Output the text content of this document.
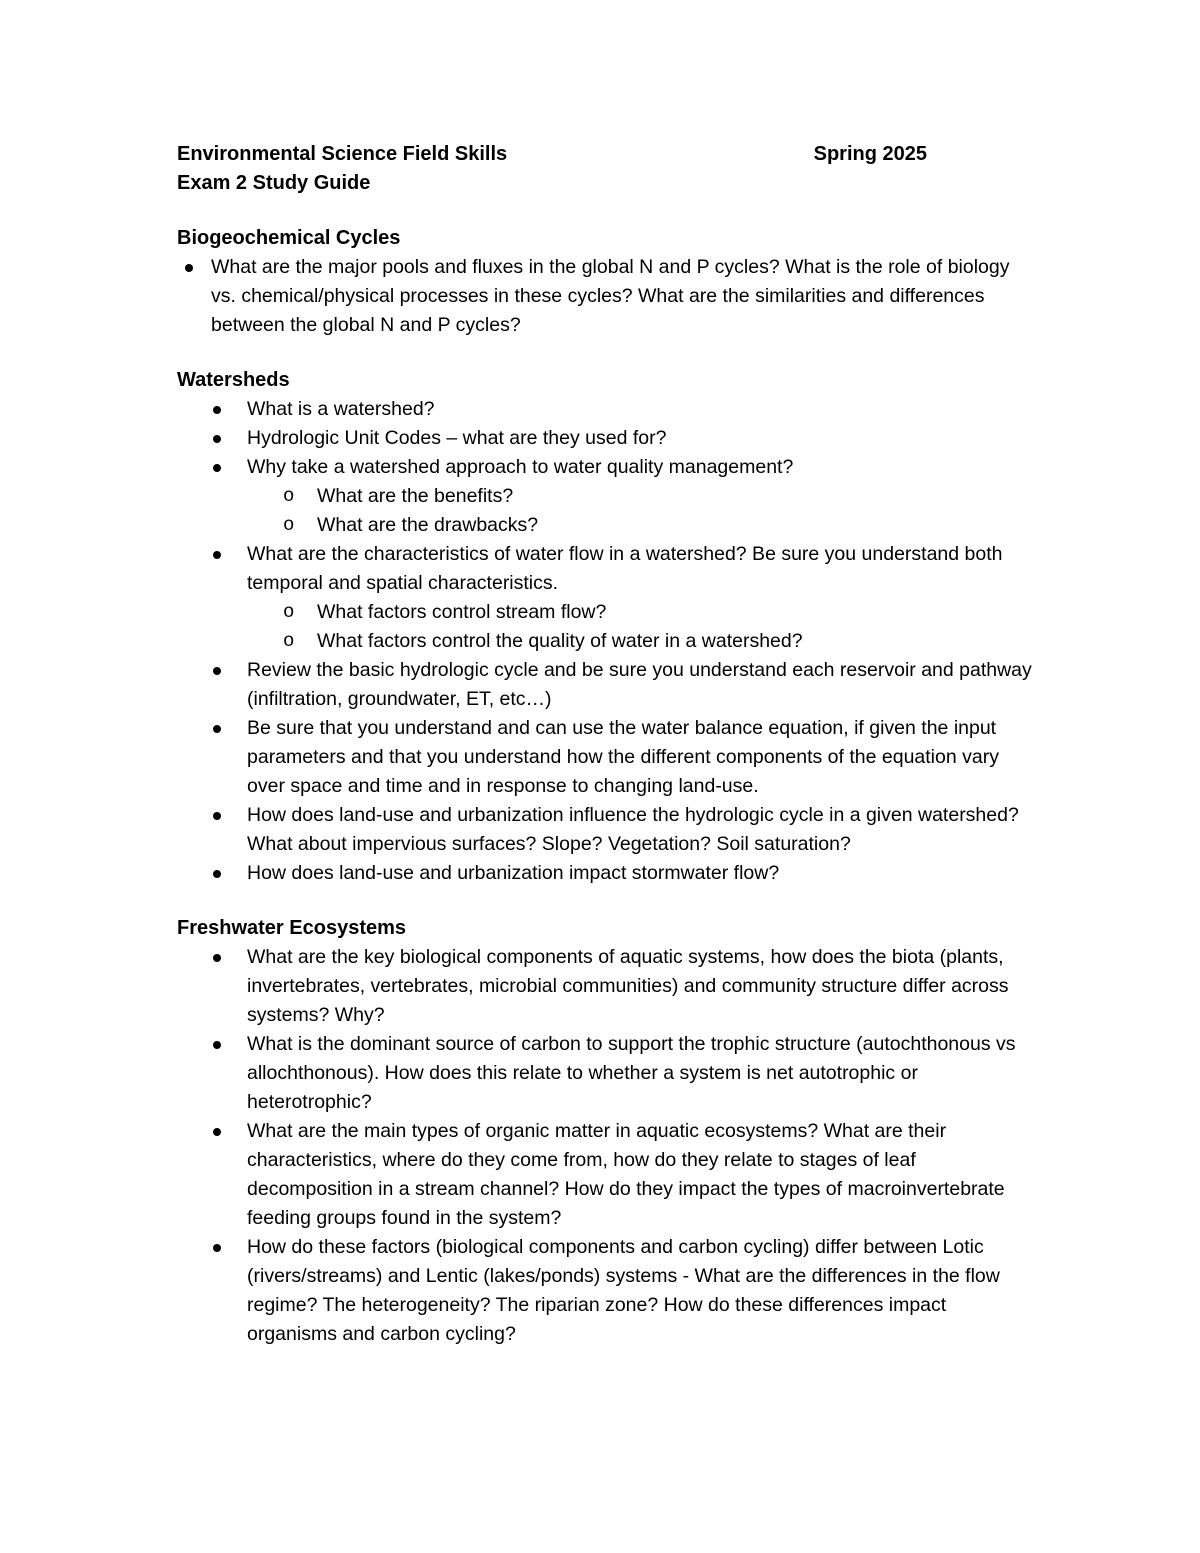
Environmental Science Field Skills	Spring 2025
Exam 2 Study Guide
Biogeochemical Cycles
What are the major pools and fluxes in the global N and P cycles? What is the role of biology vs. chemical/physical processes in these cycles? What are the similarities and differences between the global N and P cycles?
Watersheds
What is a watershed?
Hydrologic Unit Codes – what are they used for?
Why take a watershed approach to water quality management?
o What are the benefits?
o What are the drawbacks?
What are the characteristics of water flow in a watershed? Be sure you understand both temporal and spatial characteristics.
o What factors control stream flow?
o What factors control the quality of water in a watershed?
Review the basic hydrologic cycle and be sure you understand each reservoir and pathway (infiltration, groundwater, ET, etc…)
Be sure that you understand and can use the water balance equation, if given the input parameters and that you understand how the different components of the equation vary over space and time and in response to changing land-use.
How does land-use and urbanization influence the hydrologic cycle in a given watershed? What about impervious surfaces? Slope? Vegetation? Soil saturation?
How does land-use and urbanization impact stormwater flow?
Freshwater Ecosystems
What are the key biological components of aquatic systems, how does the biota (plants, invertebrates, vertebrates, microbial communities) and community structure differ across systems? Why?
What is the dominant source of carbon to support the trophic structure (autochthonous vs allochthonous). How does this relate to whether a system is net autotrophic or heterotrophic?
What are the main types of organic matter in aquatic ecosystems? What are their characteristics, where do they come from, how do they relate to stages of leaf decomposition in a stream channel? How do they impact the types of macroinvertebrate feeding groups found in the system?
How do these factors (biological components and carbon cycling) differ between Lotic (rivers/streams) and Lentic (lakes/ponds) systems - What are the differences in the flow regime? The heterogeneity? The riparian zone? How do these differences impact organisms and carbon cycling?
